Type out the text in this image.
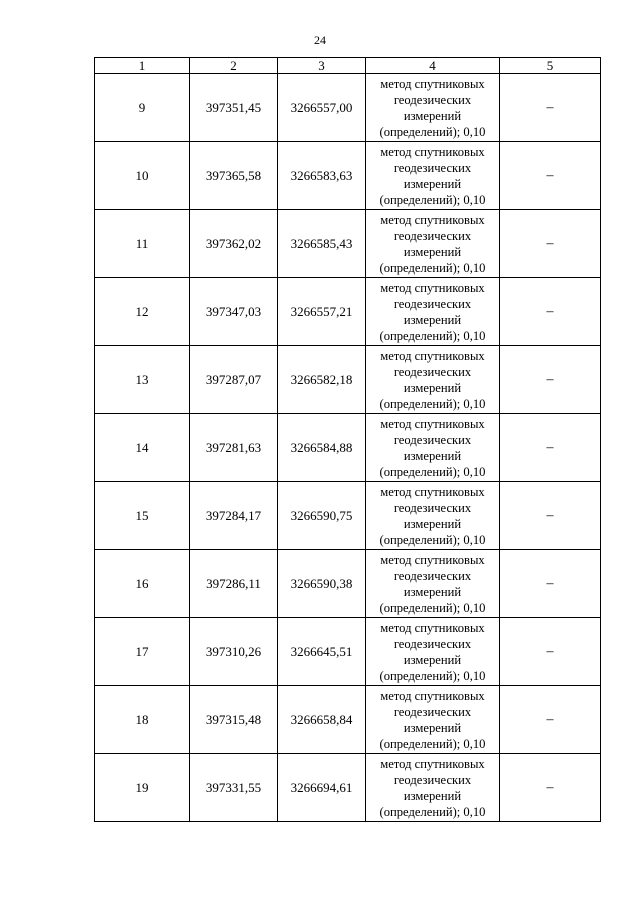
24
1	2	3	4	5
9	397351,45	3266557,00	метод спутниковых
геодезических
измерений
(определений); 0,10	–
10	397365,58	3266583,63	метод спутниковых
геодезических
измерений
(определений); 0,10	–
11	397362,02	3266585,43	метод спутниковых
геодезических
измерений
(определений); 0,10	–
12	397347,03	3266557,21	метод спутниковых
геодезических
измерений
(определений); 0,10	–
13	397287,07	3266582,18	метод спутниковых
геодезических
измерений
(определений); 0,10	–
14	397281,63	3266584,88	метод спутниковых
геодезических
измерений
(определений); 0,10	–
15	397284,17	3266590,75	метод спутниковых
геодезических
измерений
(определений); 0,10	–
16	397286,11	3266590,38	метод спутниковых
геодезических
измерений
(определений); 0,10	–
17	397310,26	3266645,51	метод спутниковых
геодезических
измерений
(определений); 0,10	–
18	397315,48	3266658,84	метод спутниковых
геодезических
измерений
(определений); 0,10	–
19	397331,55	3266694,61	метод спутниковых
геодезических
измерений
(определений); 0,10	–
